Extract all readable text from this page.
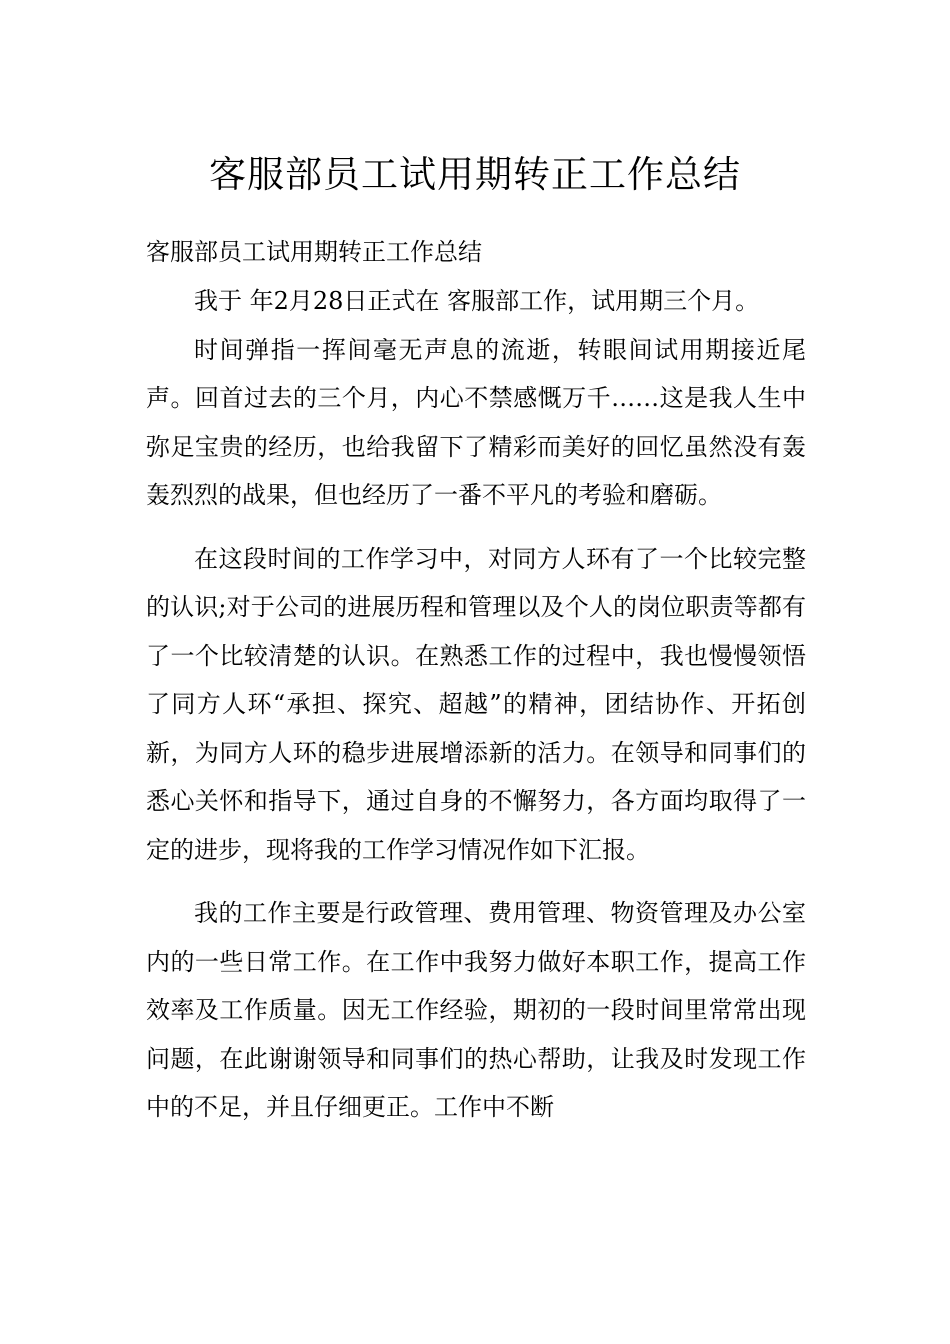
客服部员工试用期转正工作总结

客服部员工试用期转正工作总结

我于 年2月28日正式在 客服部工作，试用期三个月。

时间弹指一挥间毫无声息的流逝，转眼间试用期接近尾声。回首过去的三个月，内心不禁感慨万千……这是我人生中弥足宝贵的经历，也给我留下了精彩而美好的回忆虽然没有轰轰烈烈的战果，但也经历了一番不平凡的考验和磨砺。

在这段时间的工作学习中，对同方人环有了一个比较完整的认识;对于公司的进展历程和管理以及个人的岗位职责等都有了一个比较清楚的认识。在熟悉工作的过程中，我也慢慢领悟了同方人环“承担、探究、超越”的精神，团结协作、开拓创新，为同方人环的稳步进展增添新的活力。在领导和同事们的悉心关怀和指导下，通过自身的不懈努力，各方面均取得了一定的进步，现将我的工作学习情况作如下汇报。

我的工作主要是行政管理、费用管理、物资管理及办公室内的一些日常工作。在工作中我努力做好本职工作，提高工作效率及工作质量。因无工作经验，期初的一段时间里常常出现问题，在此谢谢领导和同事们的热心帮助，让我及时发现工作中的不足，并且仔细更正。工作中不断
